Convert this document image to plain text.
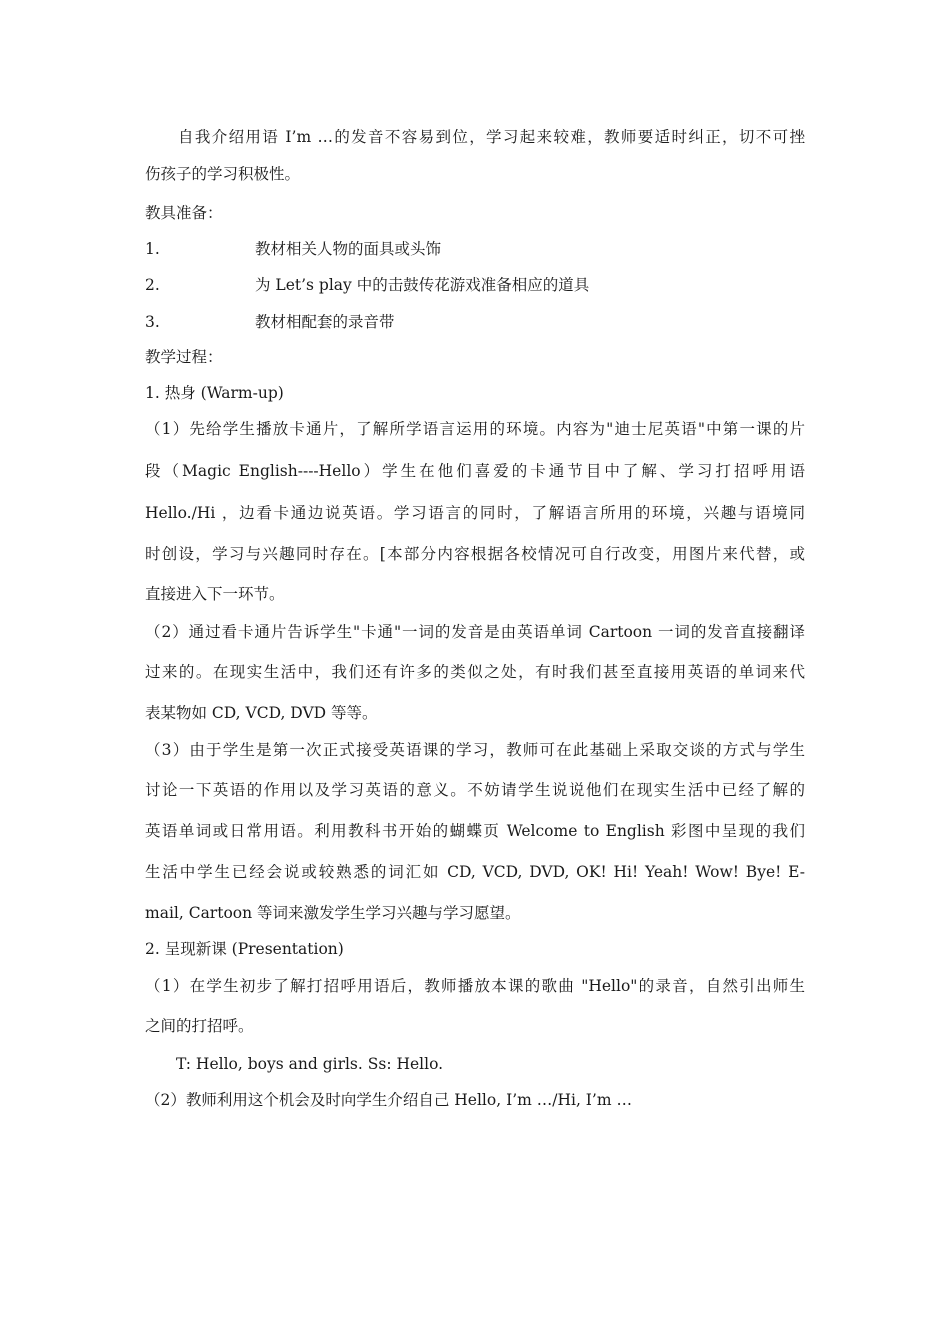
自我介绍用语 I’m …的发音不容易到位，学习起来较难，教师要适时纠正，切不可挫
伤孩子的学习积极性。
教具准备：
1.	教材相关人物的面具或头饰
2.	为 Let’s play 中的击鼓传花游戏准备相应的道具
3.	教材相配套的录音带
教学过程：
1. 热身 (Warm-up)
（1）先给学生播放卡通片，了解所学语言运用的环境。内容为"迪士尼英语"中第一课的片
段（Magic English----Hello）学生在他们喜爱的卡通节目中了解、学习打招呼用语
Hello./Hi ，边看卡通边说英语。学习语言的同时，了解语言所用的环境，兴趣与语境同
时创设，学习与兴趣同时存在。[本部分内容根据各校情况可自行改变，用图片来代替，或
直接进入下一环节。
（2）通过看卡通片告诉学生"卡通"一词的发音是由英语单词 Cartoon 一词的发音直接翻译
过来的。在现实生活中，我们还有许多的类似之处，有时我们甚至直接用英语的单词来代
表某物如 CD, VCD, DVD 等等。
（3）由于学生是第一次正式接受英语课的学习，教师可在此基础上采取交谈的方式与学生
讨论一下英语的作用以及学习英语的意义。不妨请学生说说他们在现实生活中已经了解的
英语单词或日常用语。利用教科书开始的蝴蝶页 Welcome to English 彩图中呈现的我们
生活中学生已经会说或较熟悉的词汇如 CD, VCD, DVD, OK! Hi! Yeah! Wow! Bye! E-
mail, Cartoon 等词来激发学生学习兴趣与学习愿望。
2. 呈现新课 (Presentation)
（1）在学生初步了解打招呼用语后，教师播放本课的歌曲 "Hello"的录音，自然引出师生
之间的打招呼。
T: Hello, boys and girls. Ss: Hello.
（2）教师利用这个机会及时向学生介绍自己 Hello, I’m …/Hi, I’m …
